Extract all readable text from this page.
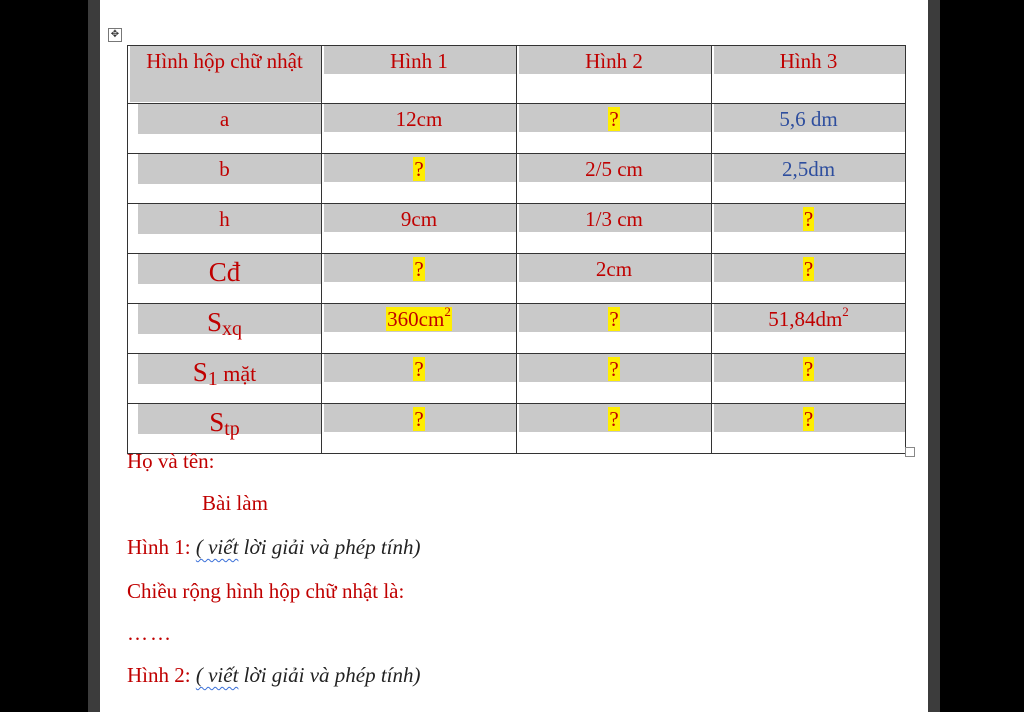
✥
Hình hộp chữ nhật	Hình 1	Hình 2	Hình 3

a	12cm	?	5,6 dm

b	?	2/5 cm	2,5dm

h	9cm	1/3 cm	?

Cđ	?	2cm	?

$S_{xq}$	$360cm^2$	?	$51,84dm^2$

$S_1$ mặt	?	?	?

$S_{tp}$	?	?	?
Họ và tên:
Bài làm
Hình 1: ( viết lời giải và phép tính)
Chiều rộng hình hộp chữ nhật là:
……
Hình 2: ( viết lời giải và phép tính)
